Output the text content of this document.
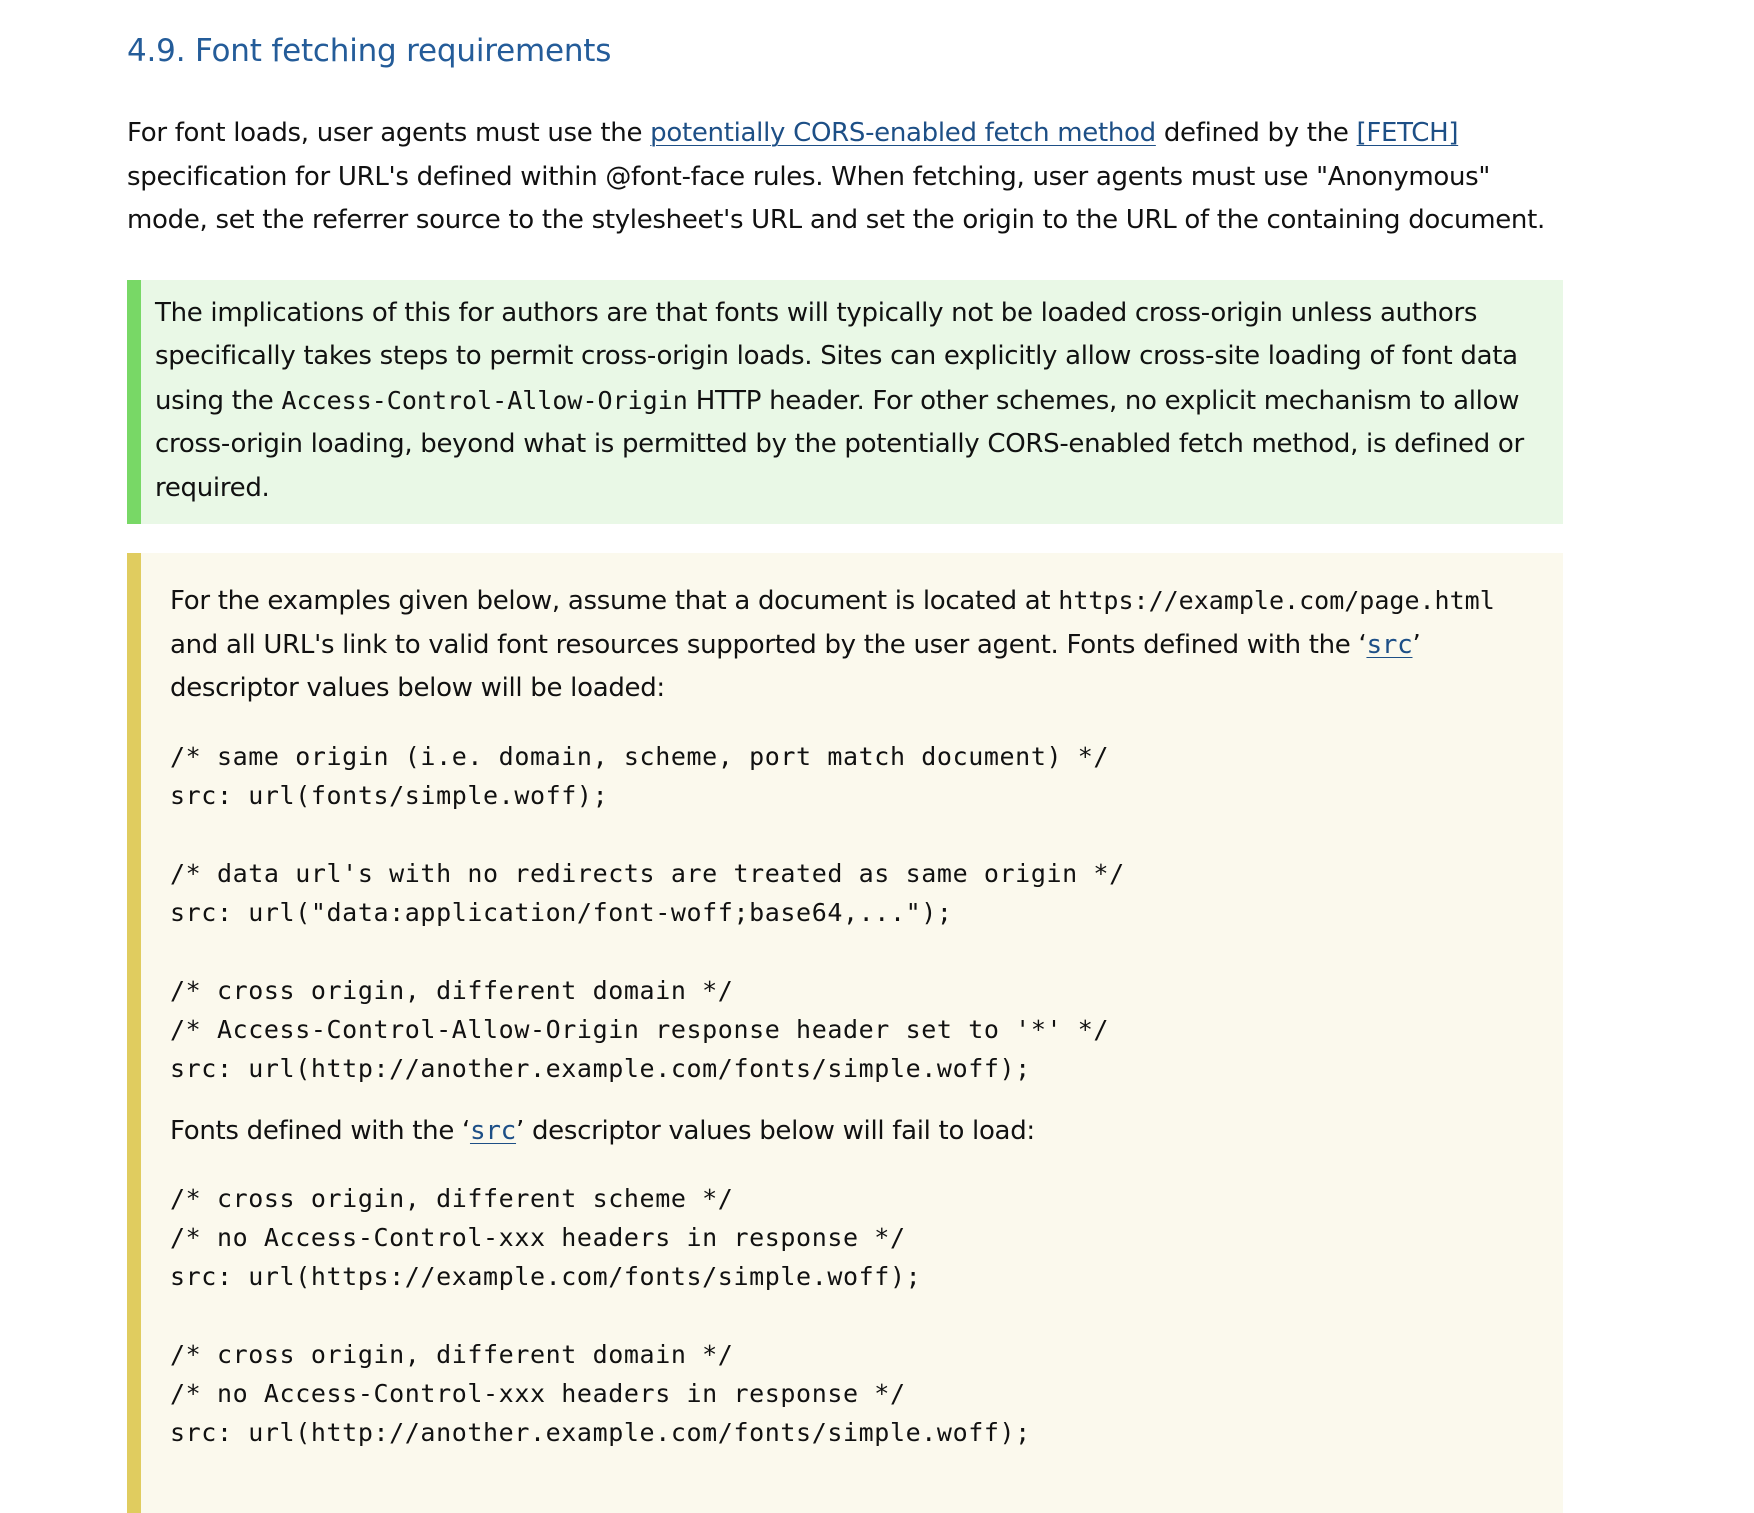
4.9. Font fetching requirements

For font loads, user agents must use the potentially CORS-enabled fetch method defined by the [FETCH] specification for URL's defined within @font-face rules. When fetching, user agents must use "Anonymous" mode, set the referrer source to the stylesheet's URL and set the origin to the URL of the containing document.

The implications of this for authors are that fonts will typically not be loaded cross-origin unless authors specifically takes steps to permit cross-origin loads. Sites can explicitly allow cross-site loading of font data using the Access-Control-Allow-Origin HTTP header. For other schemes, no explicit mechanism to allow cross-origin loading, beyond what is permitted by the potentially CORS-enabled fetch method, is defined or required.

For the examples given below, assume that a document is located at https://example.com/page.html and all URL's link to valid font resources supported by the user agent. Fonts defined with the ‘src’ descriptor values below will be loaded:

/* same origin (i.e. domain, scheme, port match document) */
src: url(fonts/simple.woff);
/* data url's with no redirects are treated as same origin */
src: url("data:application/font-woff;base64,...");
/* cross origin, different domain */
/* Access-Control-Allow-Origin response header set to '*' */
src: url(http://another.example.com/fonts/simple.woff);

Fonts defined with the ‘src’ descriptor values below will fail to load:

/* cross origin, different scheme */
/* no Access-Control-xxx headers in response */
src: url(https://example.com/fonts/simple.woff);
/* cross origin, different domain */
/* no Access-Control-xxx headers in response */
src: url(http://another.example.com/fonts/simple.woff);
